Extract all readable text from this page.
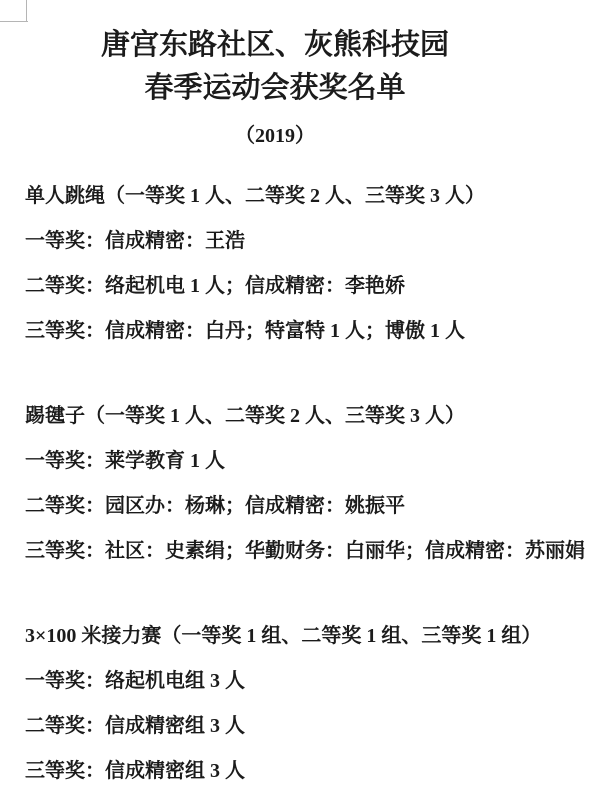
唐宫东路社区、灰熊科技园
春季运动会获奖名单
（2019）
单人跳绳（一等奖 1 人、二等奖 2 人、三等奖 3 人）
一等奖：信成精密：王浩
二等奖：络起机电 1 人；信成精密：李艳娇
三等奖：信成精密：白丹；特富特 1 人；博傲 1 人
踢毽子（一等奖 1 人、二等奖 2 人、三等奖 3 人）
一等奖：莱学教育 1 人
二等奖：园区办：杨琳；信成精密：姚振平
三等奖：社区：史素绢；华勤财务：白丽华；信成精密：苏丽娟
3×100 米接力赛（一等奖 1 组、二等奖 1 组、三等奖 1 组）
一等奖：络起机电组 3 人
二等奖：信成精密组 3 人
三等奖：信成精密组 3 人
